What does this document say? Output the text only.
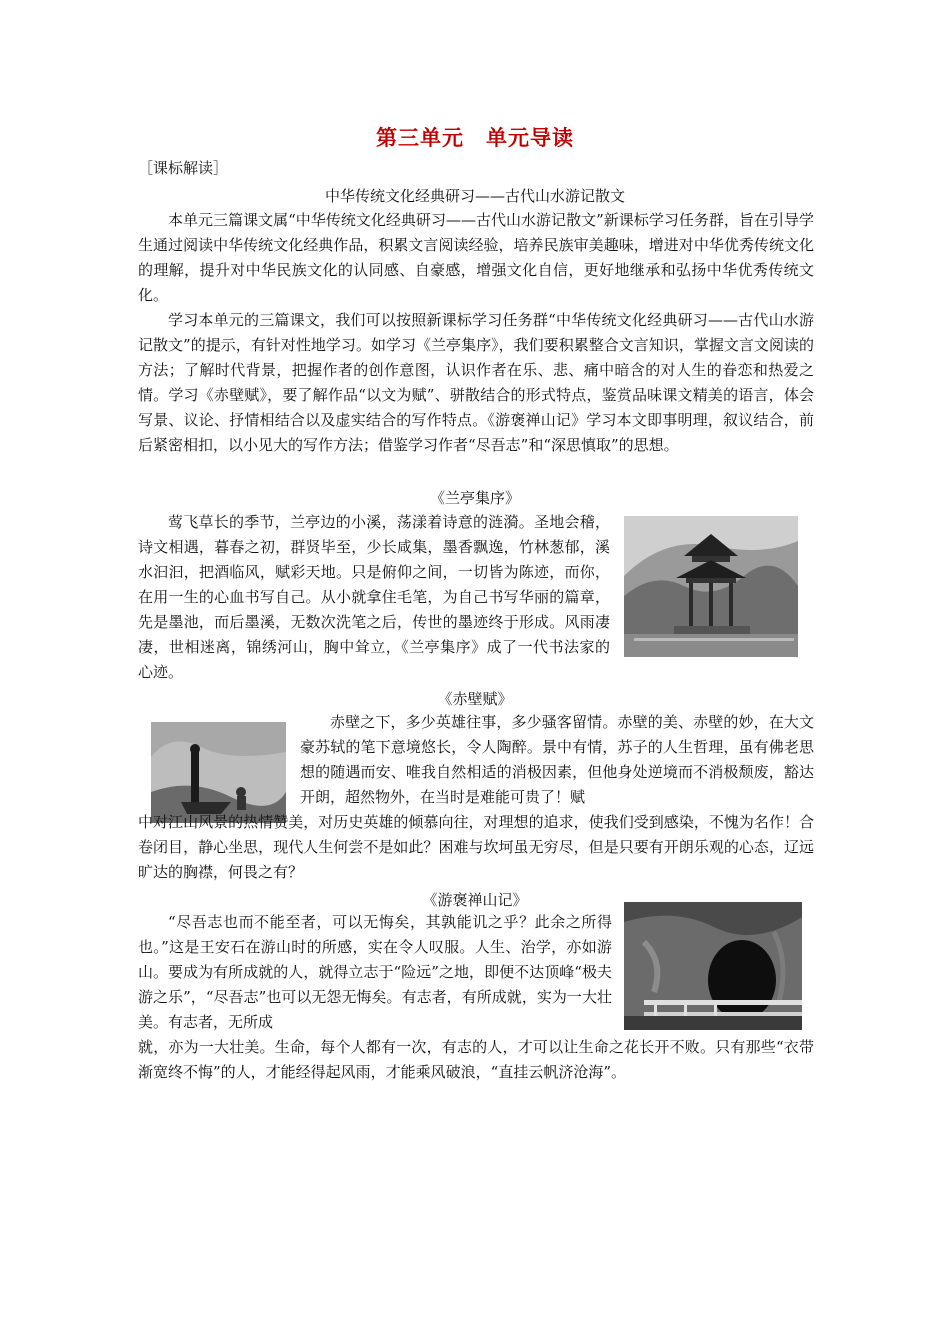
第三单元　单元导读
［课标解读］
中华传统文化经典研习——古代山水游记散文

本单元三篇课文属“中华传统文化经典研习——古代山水游记散文”新课标学习任务群，旨在引导学生通过阅读中华传统文化经典作品，积累文言阅读经验，培养民族审美趣味，增进对中华优秀传统文化的理解，提升对中华民族文化的认同感、自豪感，增强文化自信，更好地继承和弘扬中华优秀传统文化。

学习本单元的三篇课文，我们可以按照新课标学习任务群“中华传统文化经典研习——古代山水游记散文”的提示，有针对性地学习。如学习《兰亭集序》，我们要积累整合文言知识，掌握文言文阅读的方法；了解时代背景，把握作者的创作意图，认识作者在乐、悲、痛中暗含的对人生的眷恋和热爱之情。学习《赤壁赋》，要了解作品“以文为赋”、骈散结合的形式特点，鉴赏品味课文精美的语言，体会写景、议论、抒情相结合以及虚实结合的写作特点。《游褒禅山记》学习本文即事明理，叙议结合，前后紧密相扣，以小见大的写作方法；借鉴学习作者“尽吾志”和“深思慎取”的思想。

《兰亭集序》

莺飞草长的季节，兰亭边的小溪，荡漾着诗意的涟漪。圣地会稽，诗文相遇，暮春之初，群贤毕至，少长咸集，墨香飘逸，竹林葱郁，溪水汩汩，把酒临风，赋彩天地。只是俯仰之间，一切皆为陈迹，而你，在用一生的心血书写自己。从小就拿住毛笔，为自己书写华丽的篇章，先是墨池，而后墨溪，无数次洗笔之后，传世的墨迹终于形成。风雨凄凄，世相迷离，锦绣河山，胸中耸立，《兰亭集序》成了一代书法家的心迹。

《赤壁赋》

赤壁之下，多少英雄往事，多少骚客留情。赤壁的美、赤壁的妙，在大文豪苏轼的笔下意境悠长，令人陶醉。景中有情，苏子的人生哲理，虽有佛老思想的随遇而安、唯我自然相适的消极因素，但他身处逆境而不消极颓废，豁达开朗，超然物外，在当时是难能可贵了！赋

中对江山风景的热情赞美，对历史英雄的倾慕向往，对理想的追求，使我们受到感染，不愧为名作！合卷闭目，静心坐思，现代人生何尝不是如此？困难与坎坷虽无穷尽，但是只要有开朗乐观的心态，辽远旷达的胸襟，何畏之有？

《游褒禅山记》

“尽吾志也而不能至者，可以无悔矣，其孰能讥之乎？此余之所得也。”这是王安石在游山时的所感，实在令人叹服。人生、治学，亦如游山。要成为有所成就的人，就得立志于“险远”之地，即便不达顶峰“极夫游之乐”，“尽吾志”也可以无怨无悔矣。有志者，有所成就，实为一大壮美。有志者，无所成

就，亦为一大壮美。生命，每个人都有一次，有志的人，才可以让生命之花长开不败。只有那些“衣带渐宽终不悔”的人，才能经得起风雨，才能乘风破浪，“直挂云帆济沧海”。
